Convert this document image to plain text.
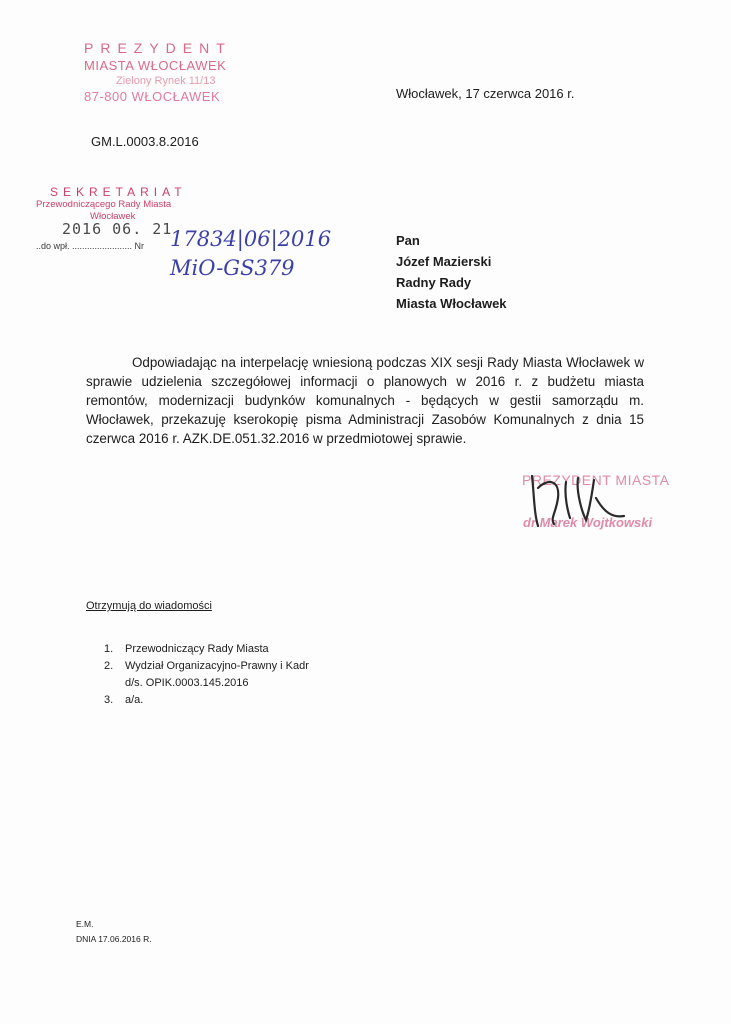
PREZYDENT
MIASTA WŁOCŁAWEK
Zielony Rynek 11/13
87-800 WŁOCŁAWEK	Włocławek, 17 czerwca 2016 r.
GM.L.0003.8.2016
SEKRETARIAT
Przewodniczącego Rady Miasta
Włocławek
2016 06. 21
..do wpł. ........................ Nr 17834|06|2016
MiO-GS379
Pan
Józef Mazierski
Radny Rady
Miasta Włocławek
Odpowiadając na interpelację wniesioną podczas XIX sesji Rady Miasta Włocławek w sprawie udzielenia szczegółowej informacji o planowych w 2016 r. z budżetu miasta remontów, modernizacji budynków komunalnych - będących w gestii samorządu m. Włocławek, przekazuję kserokopię pisma Administracji Zasobów Komunalnych z dnia 15 czerwca 2016 r. AZK.DE.051.32.2016 w przedmiotowej sprawie.
PREZYDENT MIASTA
dr Marek Wojtkowski
Otrzymują do wiadomości
1.	Przewodniczący Rady Miasta
2.	Wydział Organizacyjno-Prawny i Kadr
d/s. OPIK.0003.145.2016
3.	a/a.
E.M.
DNIA 17.06.2016 R.
